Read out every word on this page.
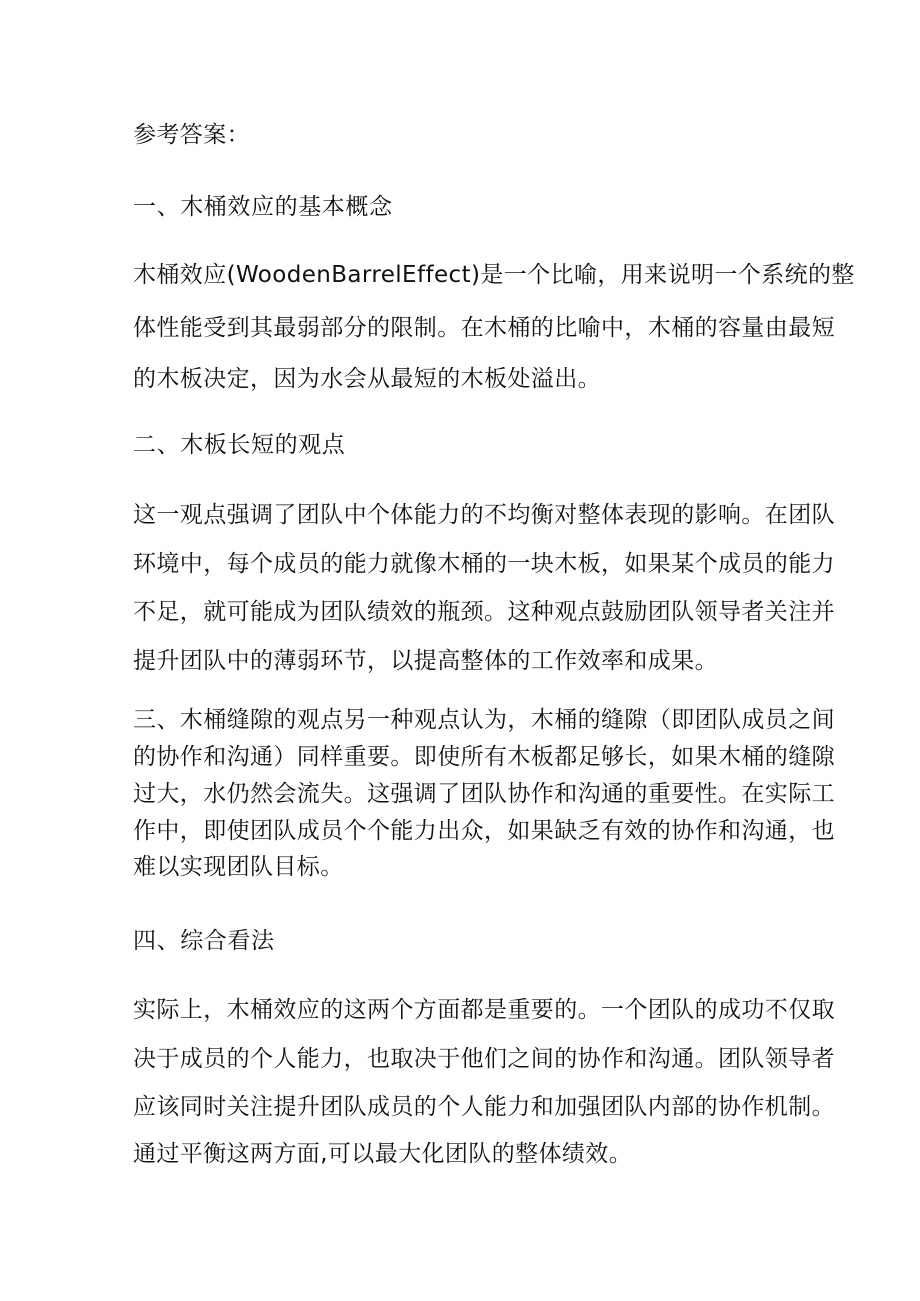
参考答案：
一、木桶效应的基本概念
木桶效应(WoodenBarrelEffect)是一个比喻，用来说明一个系统的整
体性能受到其最弱部分的限制。在木桶的比喻中，木桶的容量由最短
的木板决定，因为水会从最短的木板处溢出。
二、木板长短的观点
这一观点强调了团队中个体能力的不均衡对整体表现的影响。在团队
环境中，每个成员的能力就像木桶的一块木板，如果某个成员的能力
不足，就可能成为团队绩效的瓶颈。这种观点鼓励团队领导者关注并
提升团队中的薄弱环节，以提高整体的工作效率和成果。
三、木桶缝隙的观点另一种观点认为，木桶的缝隙（即团队成员之间
的协作和沟通）同样重要。即使所有木板都足够长，如果木桶的缝隙
过大，水仍然会流失。这强调了团队协作和沟通的重要性。在实际工
作中，即使团队成员个个能力出众，如果缺乏有效的协作和沟通，也
难以实现团队目标。
四、综合看法
实际上，木桶效应的这两个方面都是重要的。一个团队的成功不仅取
决于成员的个人能力，也取决于他们之间的协作和沟通。团队领导者
应该同时关注提升团队成员的个人能力和加强团队内部的协作机制。
通过平衡这两方面,可以最大化团队的整体绩效。
